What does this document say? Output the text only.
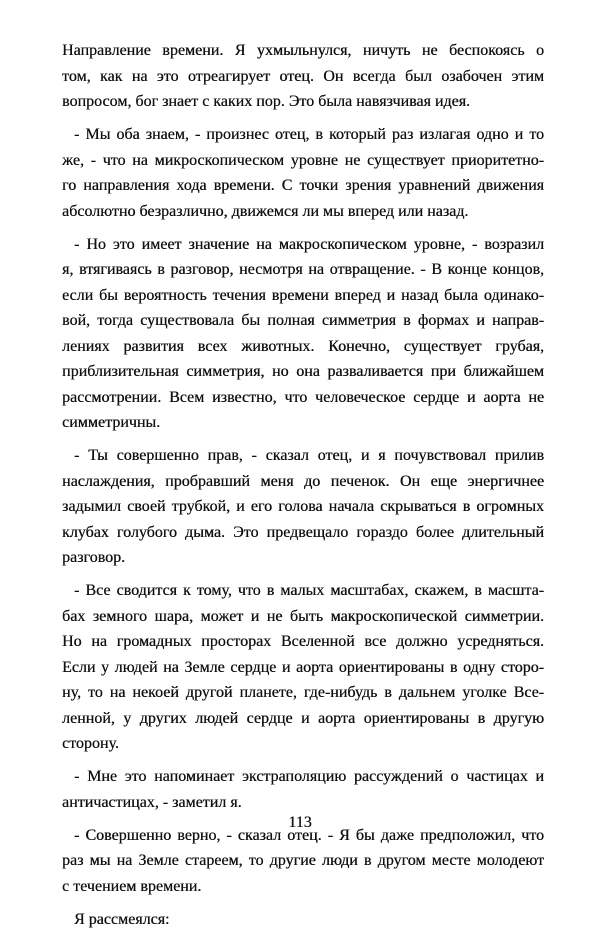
Направление времени. Я ухмыльнулся, ничуть не беспокоясь о
том, как на это отреагирует отец. Он всегда был озабочен этим
вопросом, бог знает с каких пор. Это была навязчивая идея.
- Мы оба знаем, - произнес отец, в который раз излагая одно и то
же, - что на микроскопическом уровне не существует приоритетно-
го направления хода времени. С точки зрения уравнений движения
абсолютно безразлично, движемся ли мы вперед или назад.
- Но это имеет значение на макроскопическом уровне, - возразил
я, втягиваясь в разговор, несмотря на отвращение. - В конце концов,
если бы вероятность течения времени вперед и назад была одинако-
вой, тогда существовала бы полная симметрия в формах и направ-
лениях развития всех животных. Конечно, существует грубая,
приблизительная симметрия, но она разваливается при ближайшем
рассмотрении. Всем известно, что человеческое сердце и аорта не
симметричны.
- Ты совершенно прав, - сказал отец, и я почувствовал прилив
наслаждения, пробравший меня до печенок. Он еще энергичнее
задымил своей трубкой, и его голова начала скрываться в огромных
клубах голубого дыма. Это предвещало гораздо более длительный
разговор.
- Все сводится к тому, что в малых масштабах, скажем, в масшта-
бах земного шара, может и не быть макроскопической симметрии.
Но на громадных просторах Вселенной все должно усредняться.
Если у людей на Земле сердце и аорта ориентированы в одну сторо-
ну, то на некоей другой планете, где-нибудь в дальнем уголке Все-
ленной, у других людей сердце и аорта ориентированы в другую
сторону.
- Мне это напоминает экстраполяцию рассуждений о частицах и
античастицах, - заметил я.
- Совершенно верно, - сказал отец. - Я бы даже предположил, что
раз мы на Земле стареем, то другие люди в другом месте молодеют
с течением времени.
Я рассмеялся:
113
